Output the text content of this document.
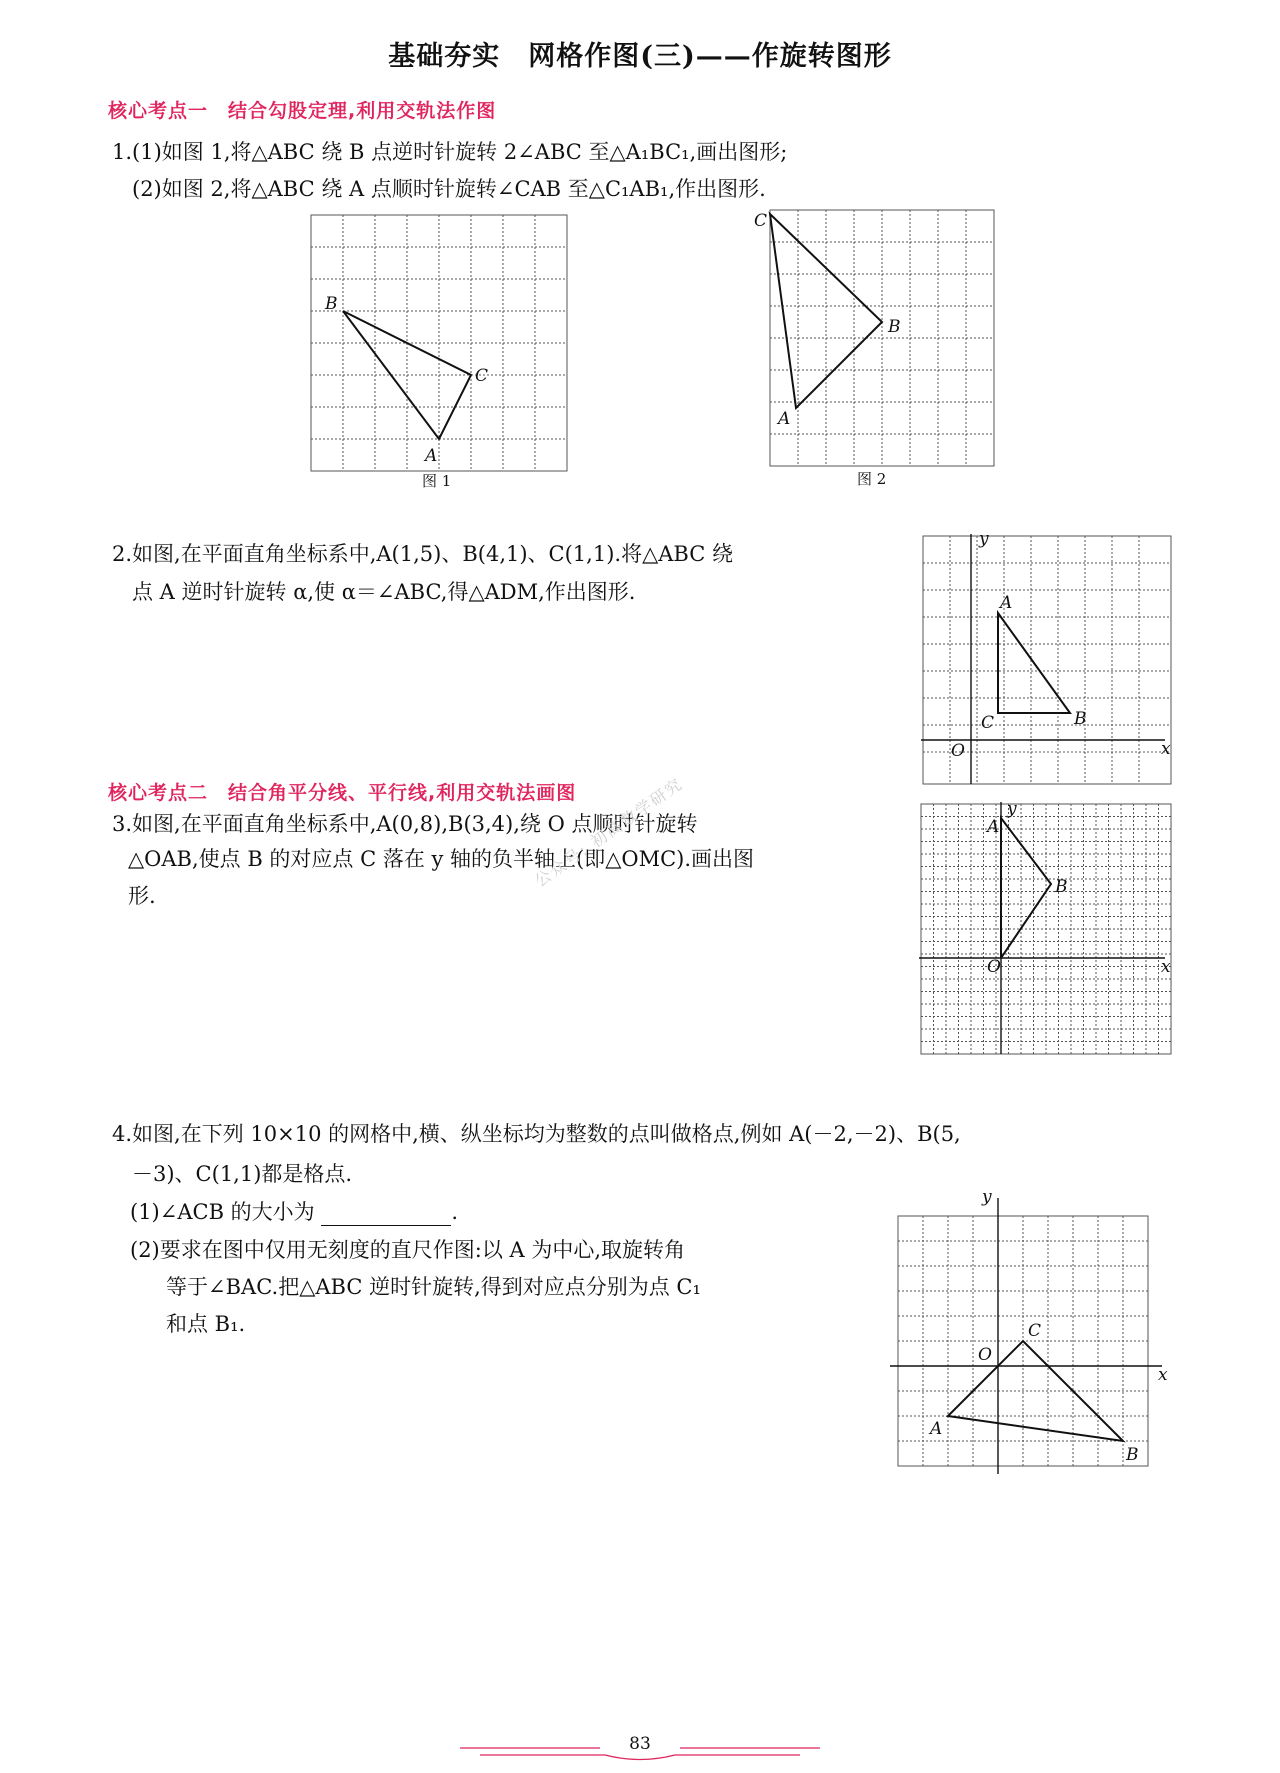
基础夯实　网格作图(三)——作旋转图形
核心考点一　结合勾股定理,利用交轨法作图
1.(1)如图 1,将△ABC 绕 B 点逆时针旋转 2∠ABC 至△A₁BC₁,画出图形;
(2)如图 2,将△ABC 绕 A 点顺时针旋转∠CAB 至△C₁AB₁,作出图形.
B
C
A
图 1
C
B
A
图 2
2.如图,在平面直角坐标系中,A(1,5)、B(4,1)、C(1,1).将△ABC 绕
点 A 逆时针旋转 α,使 α＝∠ABC,得△ADM,作出图形.
y
x
O
A
B
C
核心考点二　结合角平分线、平行线,利用交轨法画图
3.如图,在平面直角坐标系中,A(0,8),B(3,4),绕 O 点顺时针旋转
△OAB,使点 B 的对应点 C 落在 y 轴的负半轴上(即△OMC).画出图
形.
y
x
O
A
B
公众号: 初高数学研究
4.如图,在下列 10×10 的网格中,横、纵坐标均为整数的点叫做格点,例如 A(－2,－2)、B(5,
－3)、C(1,1)都是格点.
(1)∠ACB 的大小为	.
(2)要求在图中仅用无刻度的直尺作图:以 A 为中心,取旋转角
等于∠BAC.把△ABC 逆时针旋转,得到对应点分别为点 C₁
和点 B₁.
y
x
O
C
A
B
83
